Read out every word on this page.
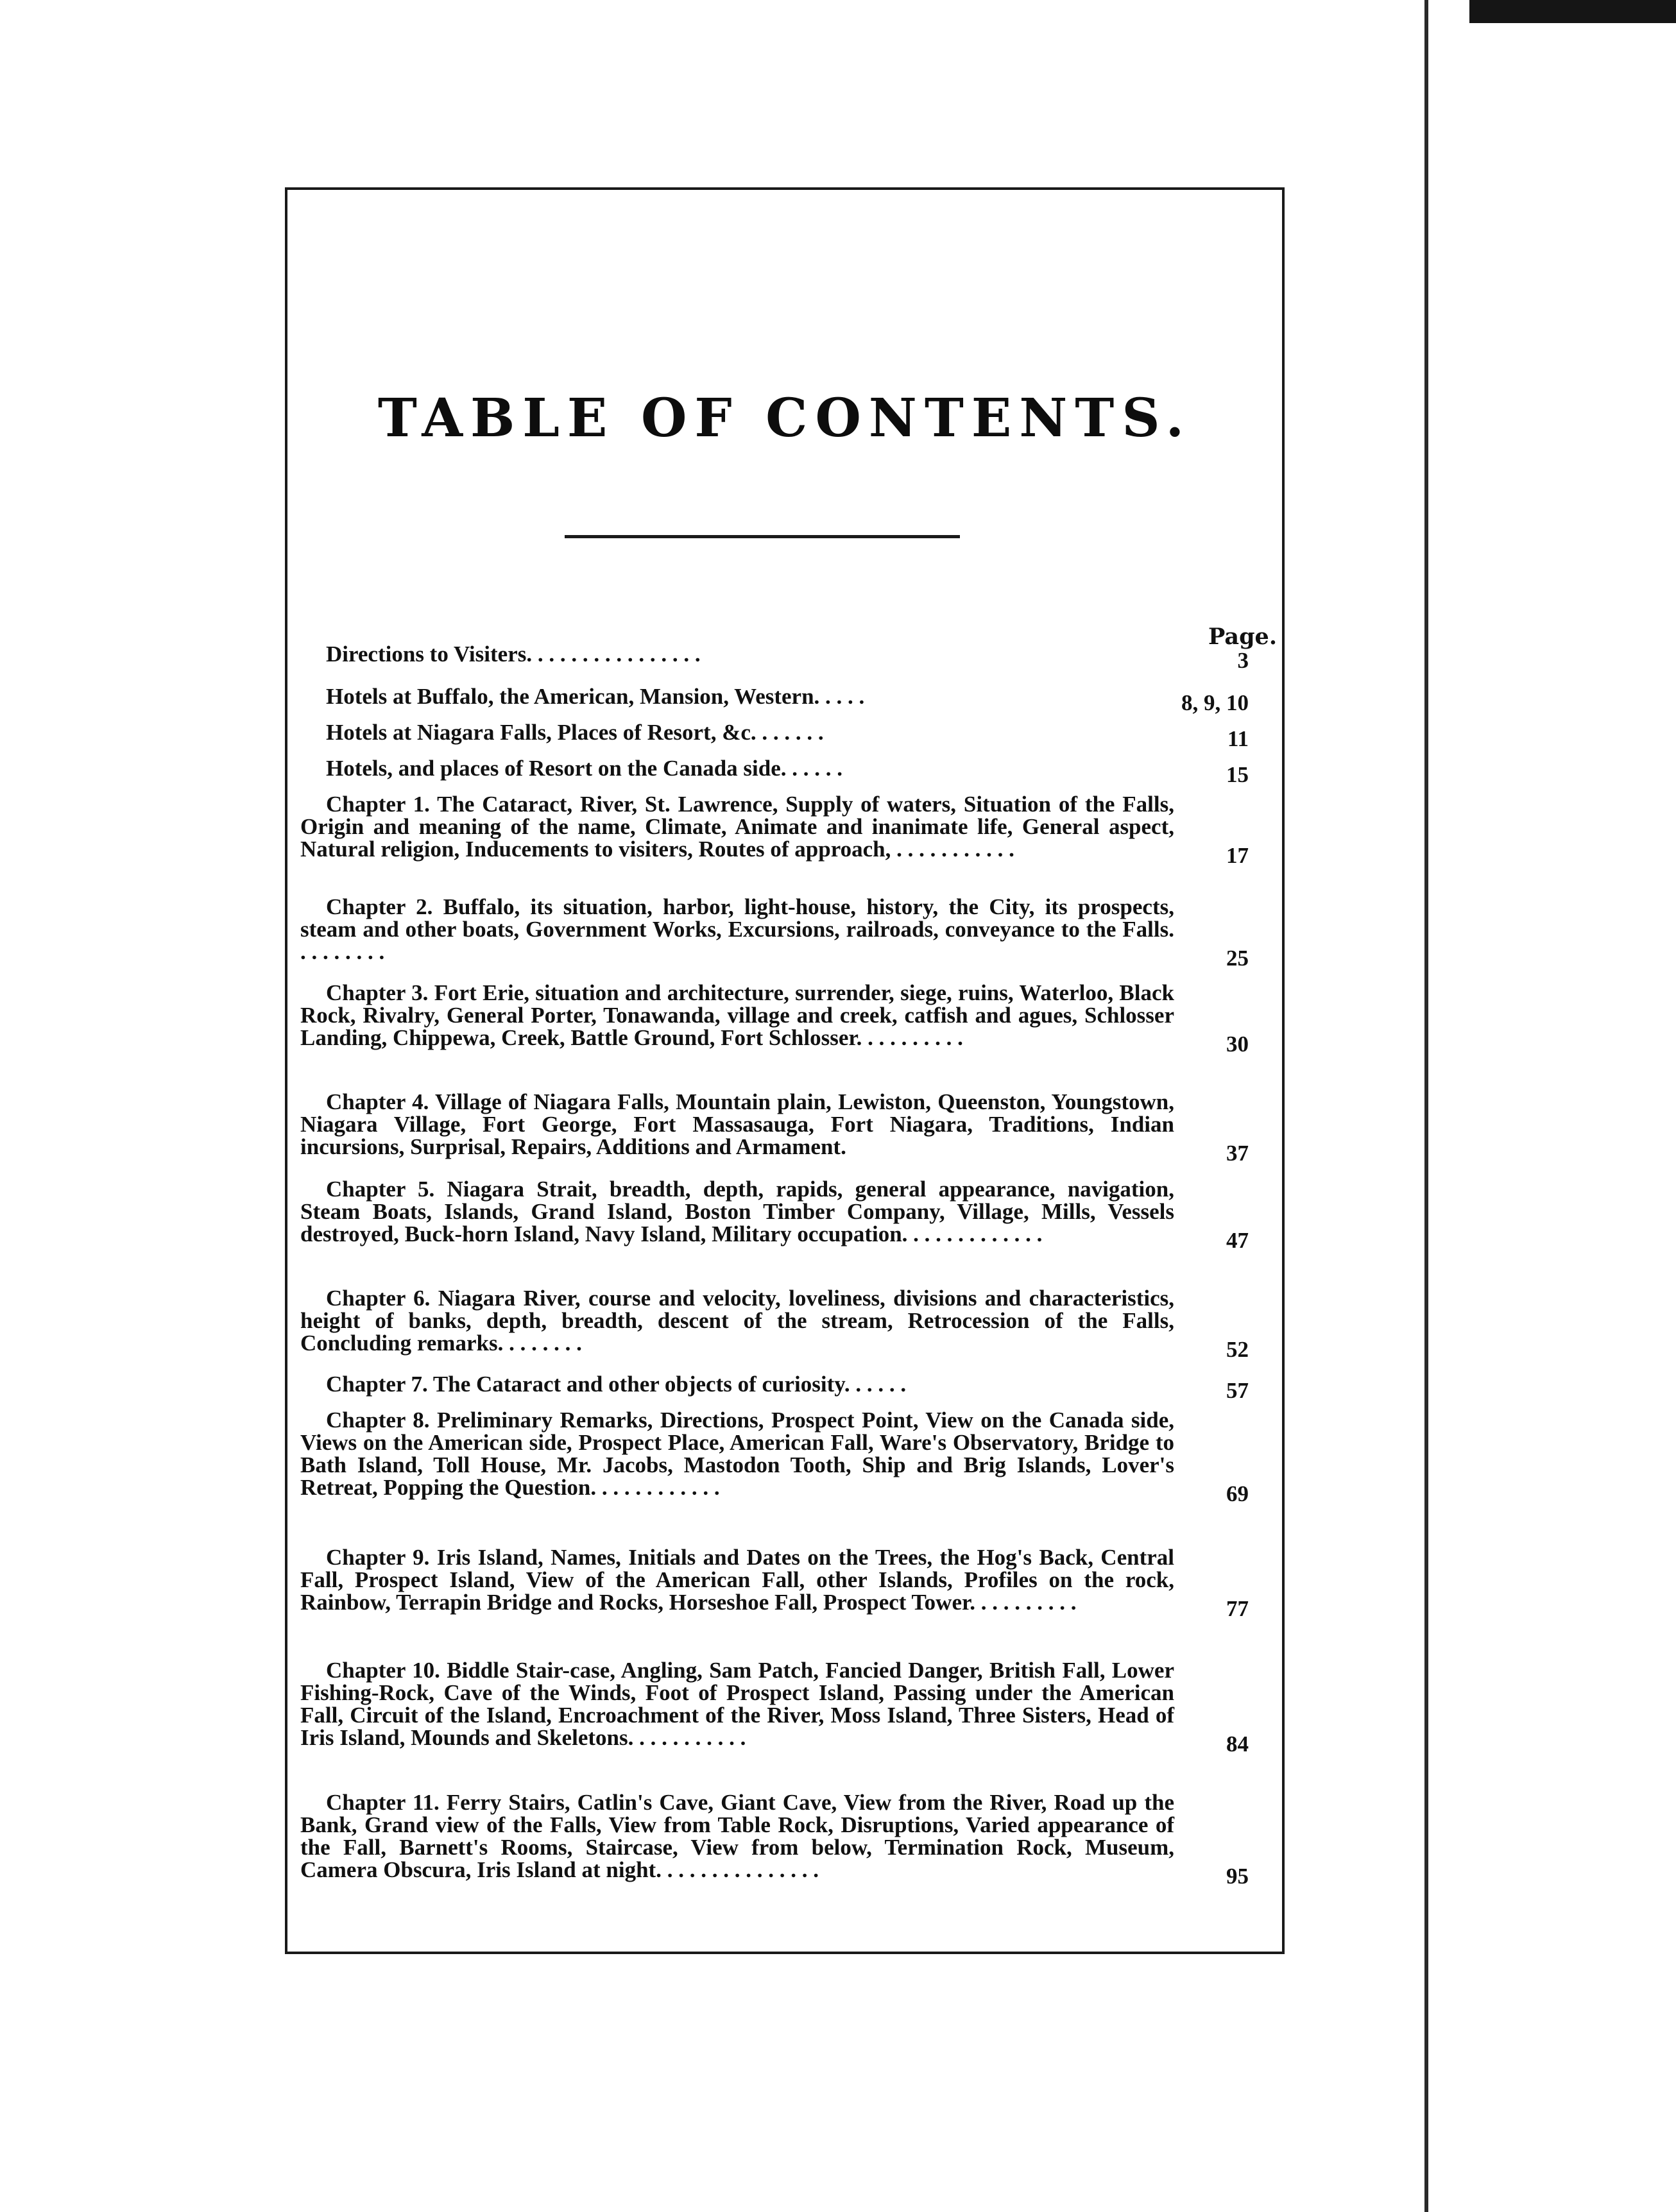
TABLE OF CONTENTS.
Page.
Directions to Visiters. . . . . . . . . . . . . . . .	3
Hotels at Buffalo, the American, Mansion, Western. . . . .	8, 9, 10
Hotels at Niagara Falls, Places of Resort, &c. . . . . . .	11
Hotels, and places of Resort on the Canada side. . . . . .	15
Chapter 1. The Cataract, River, St. Lawrence, Supply of waters, Situation of the Falls, Origin and meaning of the name, Climate, Animate and inanimate life, General aspect, Natural religion, Inducements to visiters, Routes of approach, . . . . . . . . . . .	17
Chapter 2. Buffalo, its situation, harbor, light-house, history, the City, its prospects, steam and other boats, Government Works, Excursions, railroads, conveyance to the Falls. . . . . . . . .	25
Chapter 3. Fort Erie, situation and architecture, surrender, siege, ruins, Waterloo, Black Rock, Rivalry, General Porter, Tonawanda, village and creek, catfish and agues, Schlosser Landing, Chippewa, Creek, Battle Ground, Fort Schlosser. . . . . . . . . .	30
Chapter 4. Village of Niagara Falls, Mountain plain, Lewiston, Queenston, Youngstown, Niagara Village, Fort George, Fort Massasauga, Fort Niagara, Traditions, Indian incursions, Surprisal, Repairs, Additions and Armament.	37
Chapter 5. Niagara Strait, breadth, depth, rapids, general appearance, navigation, Steam Boats, Islands, Grand Island, Boston Timber Company, Village, Mills, Vessels destroyed, Buck-horn Island, Navy Island, Military occupation. . . . . . . . . . . . .	47
Chapter 6. Niagara River, course and velocity, loveliness, divisions and characteristics, height of banks, depth, breadth, descent of the stream, Retrocession of the Falls, Concluding remarks. . . . . . . .	52
Chapter 7. The Cataract and other objects of curiosity. . . . . .	57
Chapter 8. Preliminary Remarks, Directions, Prospect Point, View on the Canada side, Views on the American side, Prospect Place, American Fall, Ware's Observatory, Bridge to Bath Island, Toll House, Mr. Jacobs, Mastodon Tooth, Ship and Brig Islands, Lover's Retreat, Popping the Question. . . . . . . . . . . .	69
Chapter 9. Iris Island, Names, Initials and Dates on the Trees, the Hog's Back, Central Fall, Prospect Island, View of the American Fall, other Islands, Profiles on the rock, Rainbow, Terrapin Bridge and Rocks, Horseshoe Fall, Prospect Tower. . . . . . . . . .	77
Chapter 10. Biddle Stair-case, Angling, Sam Patch, Fancied Danger, British Fall, Lower Fishing-Rock, Cave of the Winds, Foot of Prospect Island, Passing under the American Fall, Circuit of the Island, Encroachment of the River, Moss Island, Three Sisters, Head of Iris Island, Mounds and Skeletons. . . . . . . . . . .	84
Chapter 11. Ferry Stairs, Catlin's Cave, Giant Cave, View from the River, Road up the Bank, Grand view of the Falls, View from Table Rock, Disruptions, Varied appearance of the Fall, Barnett's Rooms, Staircase, View from below, Termination Rock, Museum, Camera Obscura, Iris Island at night. . . . . . . . . . . . . . .	95
